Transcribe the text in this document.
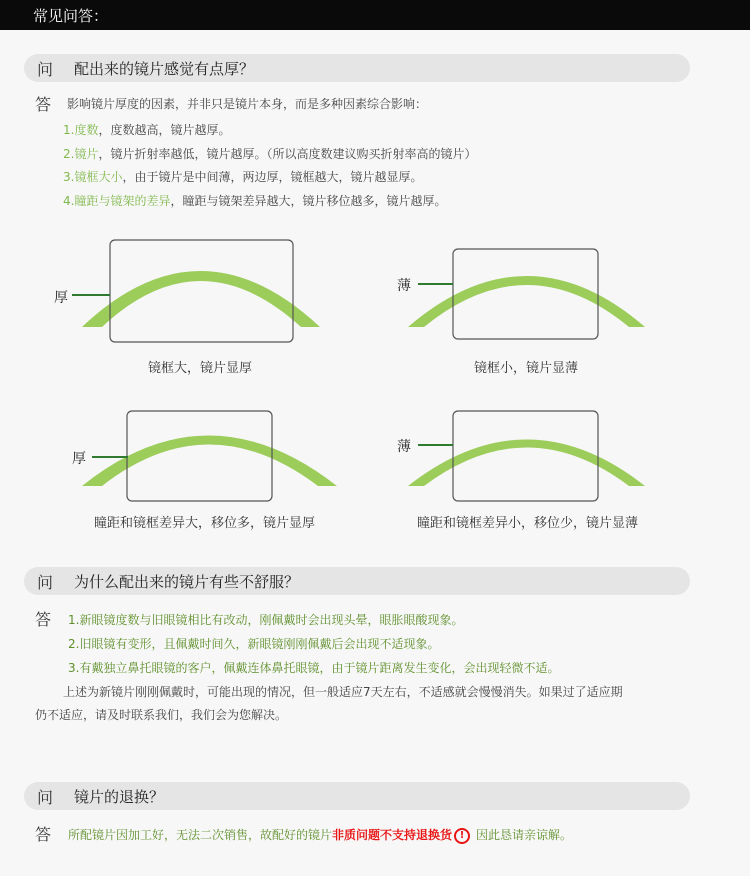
常见问答：
问 配出来的镜片感觉有点厚？
答 影响镜片厚度的因素，并非只是镜片本身，而是多种因素综合影响：
1.度数，度数越高，镜片越厚。
2.镜片，镜片折射率越低，镜片越厚。（所以高度数建议购买折射率高的镜片）
3.镜框大小，由于镜片是中间薄，两边厚，镜框越大，镜片越显厚。
4.瞳距与镜架的差异，瞳距与镜架差异越大，镜片移位越多，镜片越厚。
厚
薄
厚
薄
镜框大，镜片显厚	镜框小，镜片显薄
瞳距和镜框差异大，移位多，镜片显厚	瞳距和镜框差异小，移位少，镜片显薄
问 为什么配出来的镜片有些不舒服？
答 1.新眼镜度数与旧眼镜相比有改动，刚佩戴时会出现头晕，眼胀眼酸现象。
2.旧眼镜有变形，且佩戴时间久，新眼镜刚刚佩戴后会出现不适现象。
3.有戴独立鼻托眼镜的客户，佩戴连体鼻托眼镜，由于镜片距离发生变化，会出现轻微不适。
上述为新镜片刚刚佩戴时，可能出现的情况，但一般适应7天左右，不适感就会慢慢消失。如果过了适应期
仍不适应，请及时联系我们，我们会为您解决。
问 镜片的退换？
答 所配镜片因加工好，无法二次销售，故配好的镜片非质问题不支持退换货 ! 因此恳请亲谅解。
